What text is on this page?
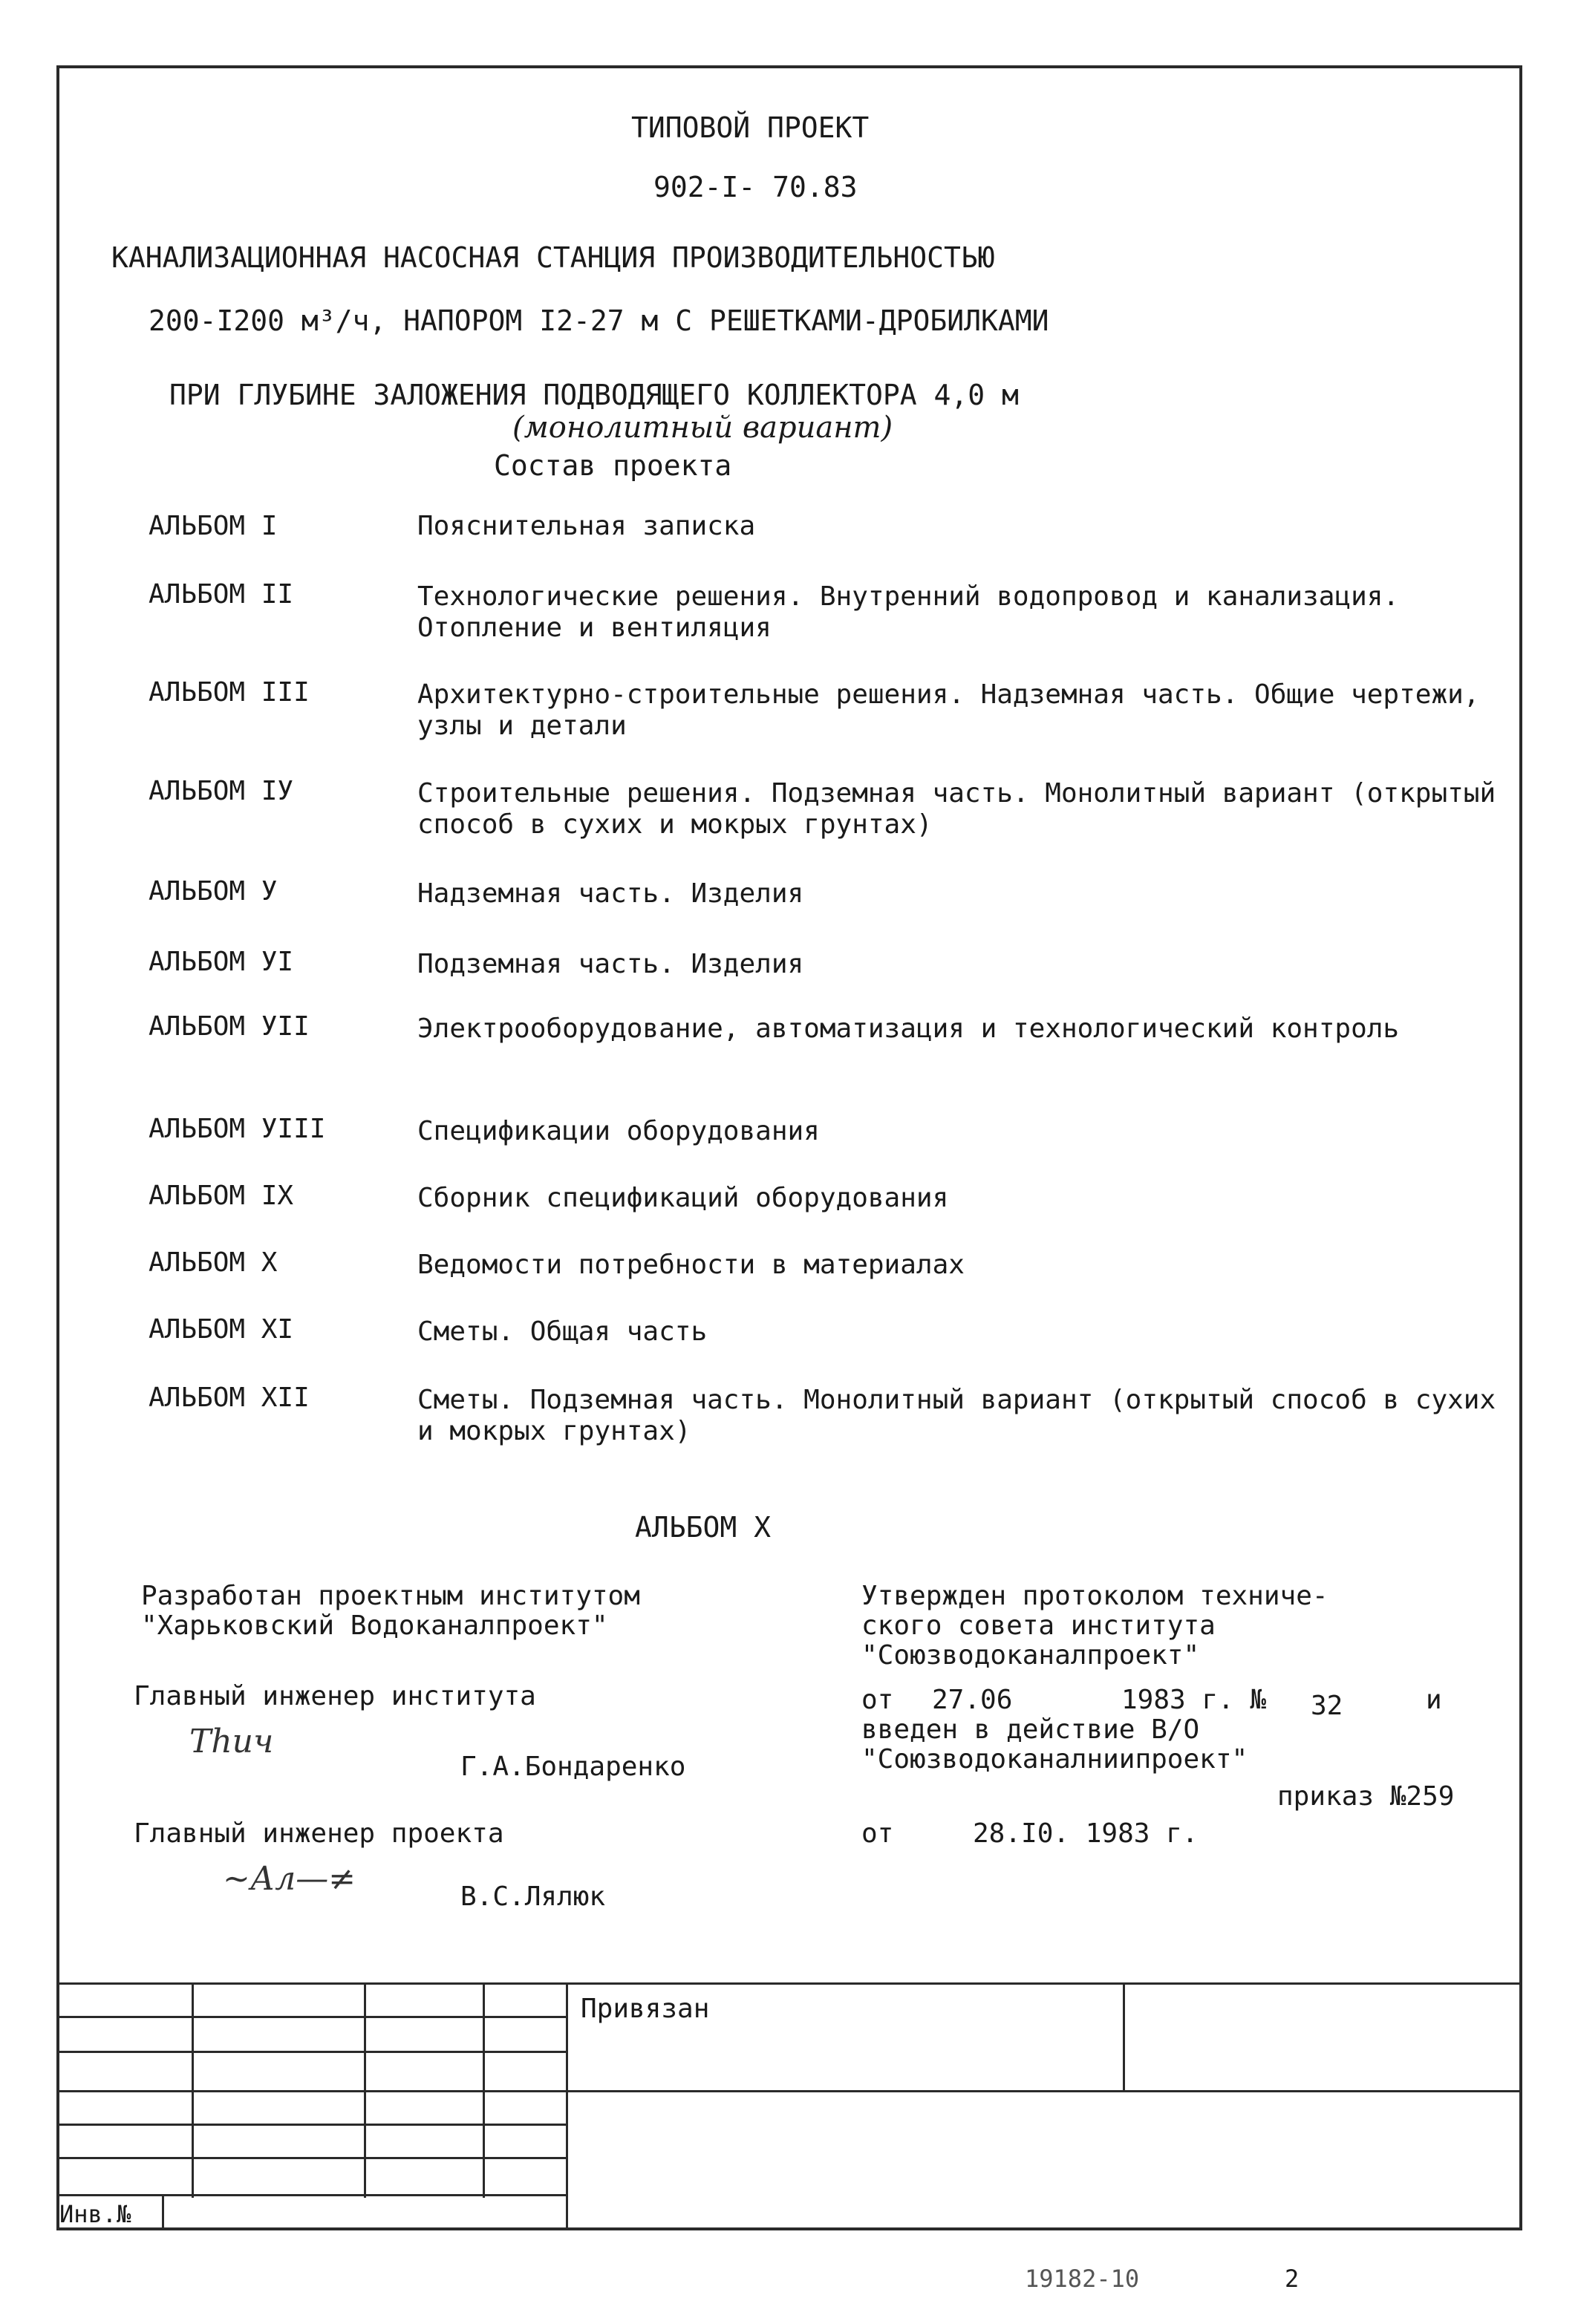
ТИПОВОЙ ПРОЕКТ
902-I- 70.83
КАНАЛИЗАЦИОННАЯ НАСОСНАЯ СТАНЦИЯ ПРОИЗВОДИТЕЛЬНОСТЬЮ
200-I200 м³/ч, НАПОРОМ I2-27 м С РЕШЕТКАМИ-ДРОБИЛКАМИ
ПРИ ГЛУБИНЕ ЗАЛОЖЕНИЯ ПОДВОДЯЩЕГО КОЛЛЕКТОРА 4,0 м
(монолитный вариант)
Состав проекта
АЛЬБОМ I	Пояснительная записка
АЛЬБОМ II	Технологические решения. Внутренний водопровод и канализация. Отопление и вентиляция
АЛЬБОМ III	Архитектурно-строительные решения. Надземная часть. Общие чертежи, узлы и детали
АЛЬБОМ IУ	Строительные решения. Подземная часть. Монолитный вариант (открытый способ в сухих и мокрых грунтах)
АЛЬБОМ У	Надземная часть. Изделия
АЛЬБОМ УI	Подземная часть. Изделия
АЛЬБОМ УII	Электрооборудование, автоматизация и технологический контроль
АЛЬБОМ УIII	Спецификации оборудования
АЛЬБОМ IX	Сборник спецификаций оборудования
АЛЬБОМ X	Ведомости потребности в материалах
АЛЬБОМ XI	Сметы. Общая часть
АЛЬБОМ XII	Сметы. Подземная часть. Монолитный вариант (открытый способ в сухих и мокрых грунтах)
АЛЬБОМ X
Разработан проектным институтом
"Харьковский Водоканалпроект"
Главный инженер института
Тhич
Г.А.Бондаренко
Главный инженер проекта
~Ал—≠	В.С.Лялюк
Утвержден протоколом техниче-
ского совета института
"Союзводоканалпроект"
от 27.06	1983 г. № 32	и
введен в действие В/О
"Союзводоканалниипроект"
приказ №259
от	28.I0. 1983 г.
Привязан
Инв.№
19182-10	2
